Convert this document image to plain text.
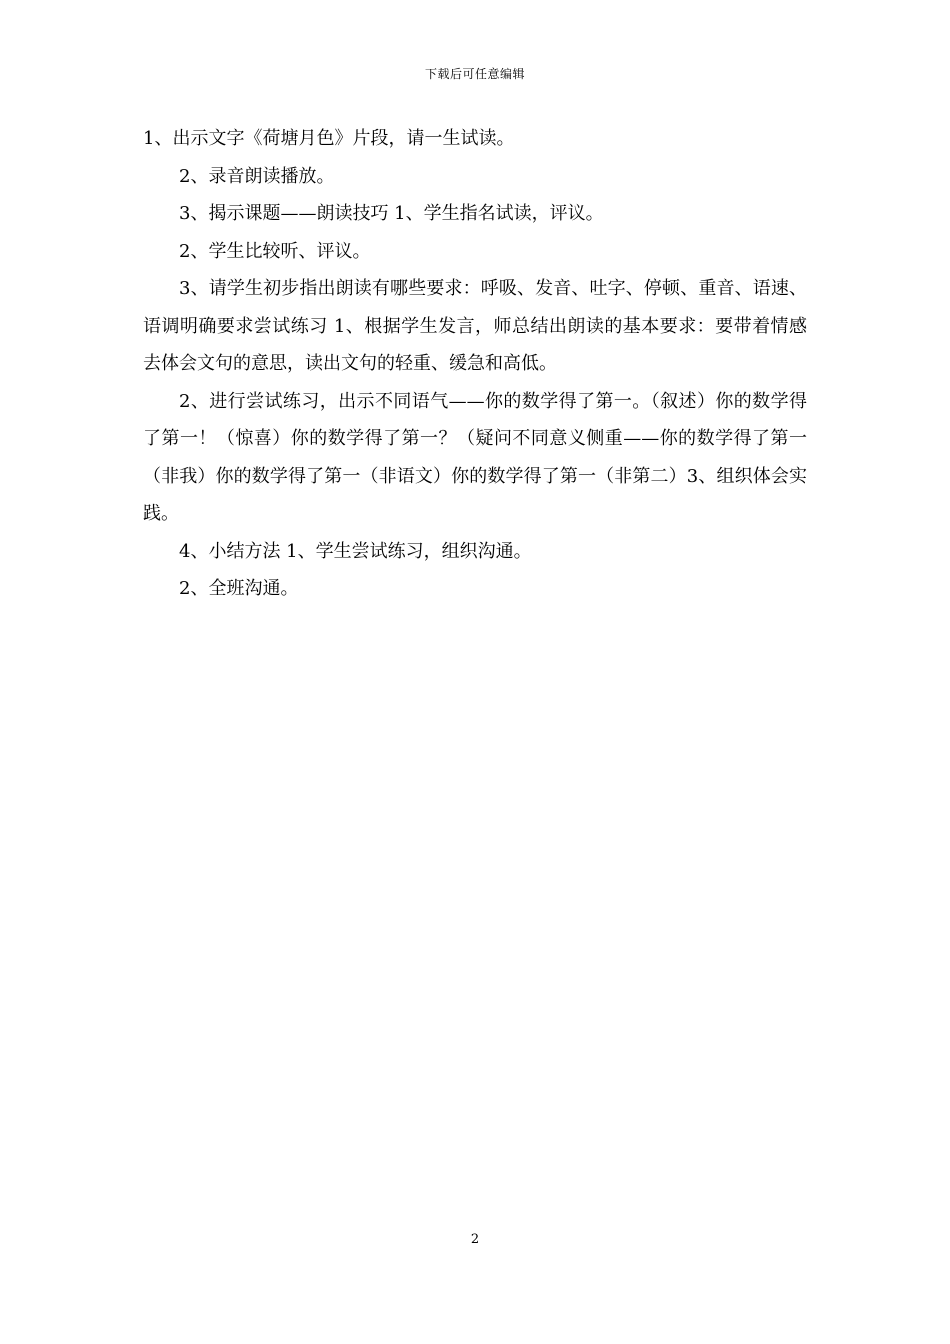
下载后可任意编辑

1、出示文字《荷塘月色》片段，请一生试读。

2、录音朗读播放。

3、揭示课题——朗读技巧 1、学生指名试读，评议。

2、学生比较听、评议。

3、请学生初步指出朗读有哪些要求：呼吸、发音、吐字、停顿、重音、语速、语调明确要求尝试练习 1、根据学生发言，师总结出朗读的基本要求：要带着情感去体会文句的意思，读出文句的轻重、缓急和高低。

2、进行尝试练习，出示不同语气——你的数学得了第一。（叙述）你的数学得了第一！（惊喜）你的数学得了第一？（疑问不同意义侧重——你的数学得了第一（非我）你的数学得了第一（非语文）你的数学得了第一（非第二）3、组织体会实践。

4、小结方法 1、学生尝试练习，组织沟通。

2、全班沟通。

2
